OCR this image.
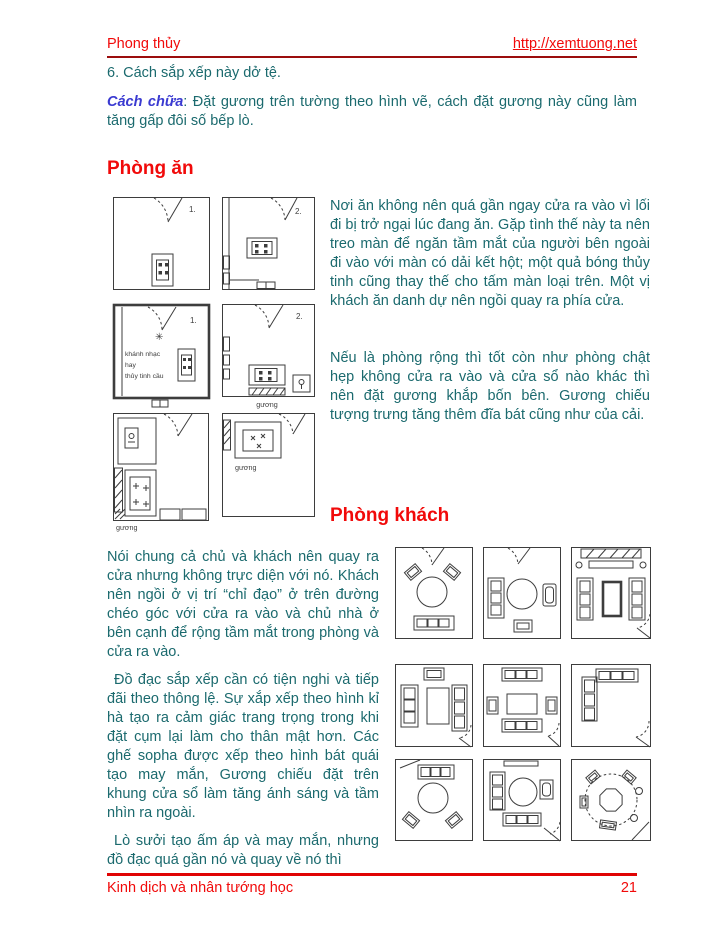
Phong thủy	http://xemtuong.net
6. Cách sắp xếp này dở tệ.
Cách chữa: Đặt gương trên tường theo hình vẽ, cách đặt gương này cũng làm tăng gấp đôi số bếp lò.
Phòng ăn
1.	2.
1.
✳
khánh nhạc
hay
thủy tinh cầu
2.
gương
gương
gương
Nơi ăn không nên quá gần ngay cửa ra vào vì lối đi bị trở ngại lúc đang ăn. Gặp tình thế này ta nên treo màn để ngăn tầm mắt của người bên ngoài đi vào với màn có dải kết hột; một quả bóng thủy tinh cũng thay thế cho tấm màn loại trên. Một vị khách ăn danh dự nên ngồi quay ra phía cửa.
Nếu là phòng rộng thì tốt còn như phòng chật hẹp không cửa ra vào và cửa sổ nào khác thì nên đặt gương khắp bốn bên. Gương chiếu tượng trưng tăng thêm đĩa bát cũng như của cải.
Phòng khách
Nói chung cả chủ và khách nên quay ra cửa nhưng không trực diện với nó. Khách nên ngồi ở vị trí “chỉ đạo” ở trên đường chéo góc với cửa ra vào và chủ nhà ở bên cạnh để rộng tầm mắt trong phòng và cửa ra vào.
Đồ đạc sắp xếp cần có tiện nghi và tiếp đãi theo thông lệ. Sự xắp xếp theo hình kỉ hà tạo ra cảm giác trang trọng trong khi đặt cụm lại làm cho thân mật hơn. Các ghế sopha được xếp theo hình bát quái tạo may mắn, Gương chiếu đặt trên khung cửa sổ làm tăng ánh sáng và tầm nhìn ra ngoài.
Lò sưởi tạo ấm áp và may mắn, nhưng đồ đạc quá gần nó và quay về nó thì
Kinh dịch và nhân tướng học	21
